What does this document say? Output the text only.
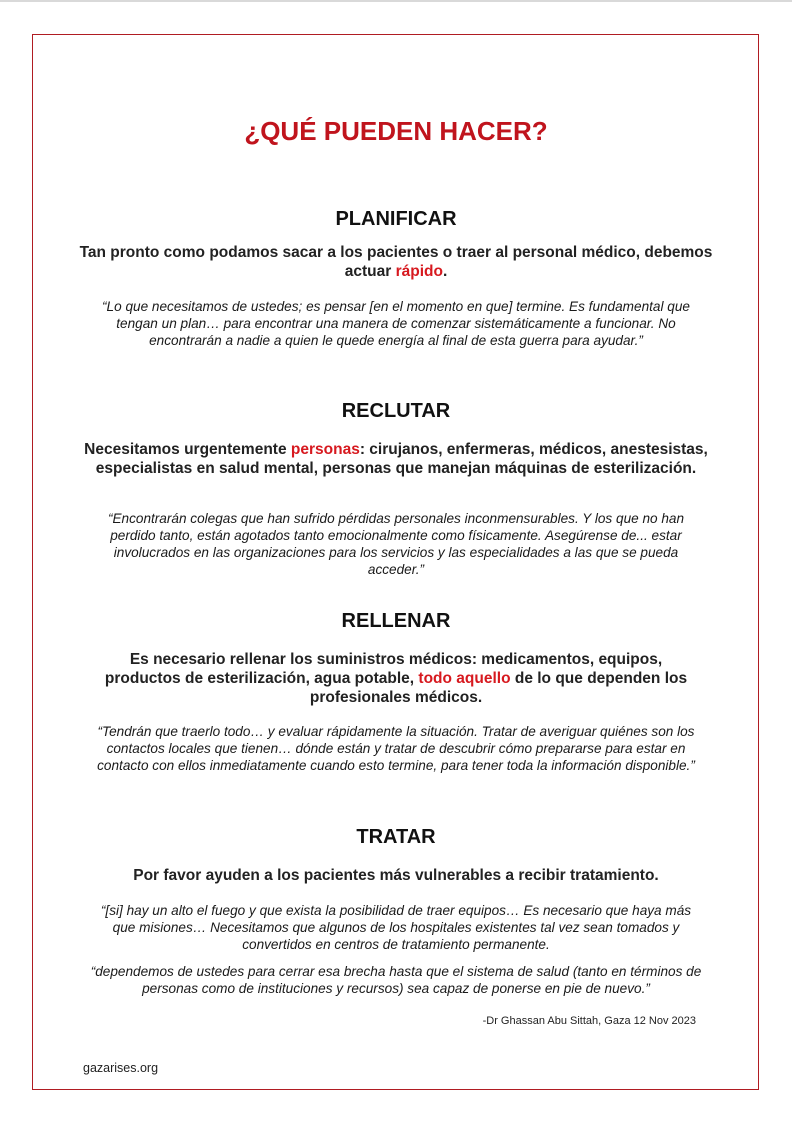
¿QUÉ PUEDEN HACER?
PLANIFICAR

Tan pronto como podamos sacar a los pacientes o traer al personal médico, debemos actuar rápido.

“Lo que necesitamos de ustedes; es pensar [en el momento en que] termine. Es fundamental que tengan un plan… para encontrar una manera de comenzar sistemáticamente a funcionar. No encontrarán a nadie a quien le quede energía al final de esta guerra para ayudar.”

RECLUTAR

Necesitamos urgentemente personas: cirujanos, enfermeras, médicos, anestesistas, especialistas en salud mental, personas que manejan máquinas de esterilización.

“Encontrarán colegas que han sufrido pérdidas personales inconmensurables. Y los que no han perdido tanto, están agotados tanto emocionalmente como físicamente. Asegúrense de... estar involucrados en las organizaciones para los servicios y las especialidades a las que se pueda acceder.”

RELLENAR

Es necesario rellenar los suministros médicos: medicamentos, equipos, productos de esterilización, agua potable, todo aquello de lo que dependen los profesionales médicos.

“Tendrán que traerlo todo… y evaluar rápidamente la situación. Tratar de averiguar quiénes son los contactos locales que tienen… dónde están y tratar de descubrir cómo prepararse para estar en contacto con ellos inmediatamente cuando esto termine, para tener toda la información disponible.”

TRATAR

Por favor ayuden a los pacientes más vulnerables a recibir tratamiento.

“[si] hay un alto el fuego y que exista la posibilidad de traer equipos… Es necesario que haya más que misiones… Necesitamos que algunos de los hospitales existentes tal vez sean tomados y convertidos en centros de tratamiento permanente.

“dependemos de ustedes para cerrar esa brecha hasta que el sistema de salud (tanto en términos de personas como de instituciones y recursos) sea capaz de ponerse en pie de nuevo.”

-Dr Ghassan Abu Sittah, Gaza 12 Nov 2023
gazarises.org
